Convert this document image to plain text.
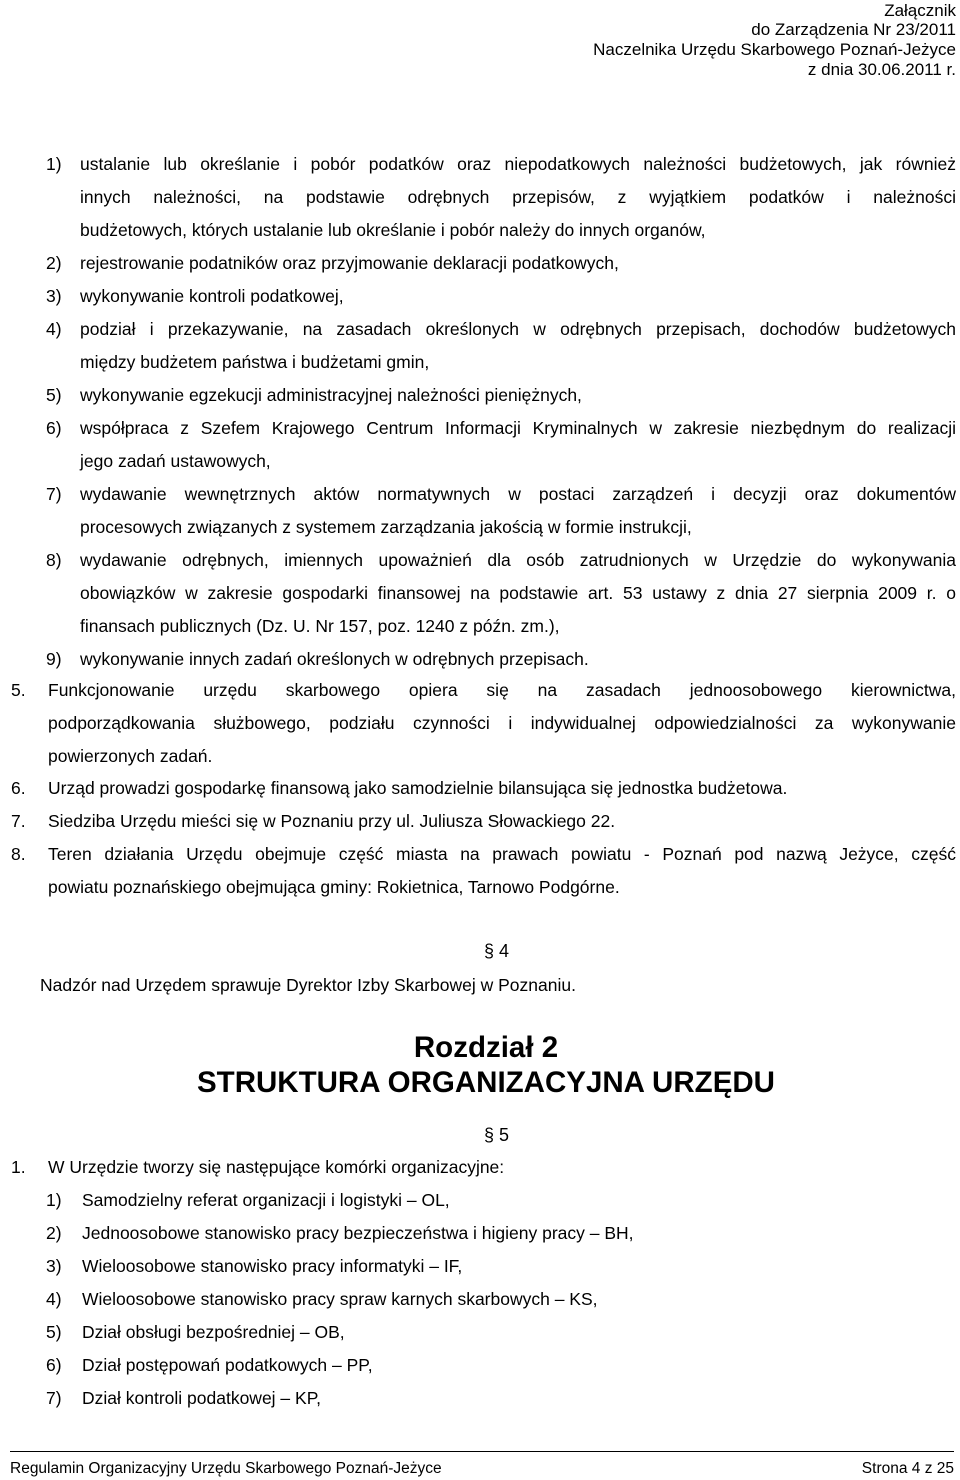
Załącznik

do Zarządzenia Nr 23/2011

Naczelnika Urzędu Skarbowego Poznań-Jeżyce

z dnia 30.06.2011 r.

1) ustalanie lub określanie i pobór podatków oraz niepodatkowych należności budżetowych, jak również
innych należności, na podstawie odrębnych przepisów, z wyjątkiem podatków i należności
budżetowych, których ustalanie lub określanie i pobór należy do innych organów,
2) rejestrowanie podatników oraz przyjmowanie deklaracji podatkowych,
3) wykonywanie kontroli podatkowej,
4) podział i przekazywanie, na zasadach określonych w odrębnych przepisach, dochodów budżetowych
między budżetem państwa i budżetami gmin,
5) wykonywanie egzekucji administracyjnej należności pieniężnych,
6) współpraca z Szefem Krajowego Centrum Informacji Kryminalnych w zakresie niezbędnym do realizacji
jego zadań ustawowych,
7) wydawanie wewnętrznych aktów normatywnych w postaci zarządzeń i decyzji oraz dokumentów
procesowych związanych z systemem zarządzania jakością w formie instrukcji,
8) wydawanie odrębnych, imiennych upoważnień dla osób zatrudnionych w Urzędzie do wykonywania
obowiązków w zakresie gospodarki finansowej na podstawie art. 53 ustawy z dnia 27 sierpnia 2009 r. o
finansach publicznych (Dz. U. Nr 157, poz. 1240 z późn. zm.),
9) wykonywanie innych zadań określonych w odrębnych przepisach.
5. Funkcjonowanie urzędu skarbowego opiera się na zasadach jednoosobowego kierownictwa,
podporządkowania służbowego, podziału czynności i indywidualnej odpowiedzialności za wykonywanie
powierzonych zadań.
6. Urząd prowadzi gospodarkę finansową jako samodzielnie bilansująca się jednostka budżetowa.
7. Siedziba Urzędu mieści się w Poznaniu przy ul. Juliusza Słowackiego 22.
8. Teren działania Urzędu obejmuje część miasta na prawach powiatu - Poznań pod nazwą Jeżyce, część
powiatu poznańskiego obejmująca gminy: Rokietnica, Tarnowo Podgórne.
§ 4
Nadzór nad Urzędem sprawuje Dyrektor Izby Skarbowej w Poznaniu.
Rozdział 2
STRUKTURA ORGANIZACYJNA URZĘDU
§ 5
1. W Urzędzie tworzy się następujące komórki organizacyjne:
1) Samodzielny referat organizacji i logistyki – OL,
2) Jednoosobowe stanowisko pracy bezpieczeństwa i higieny pracy – BH,
3) Wieloosobowe stanowisko pracy informatyki – IF,
4) Wieloosobowe stanowisko pracy spraw karnych skarbowych – KS,
5) Dział obsługi bezpośredniej – OB,
6) Dział postępowań podatkowych – PP,
7) Dział kontroli podatkowej – KP,
Regulamin Organizacyjny Urzędu Skarbowego Poznań-Jeżyce	Strona 4 z 25
